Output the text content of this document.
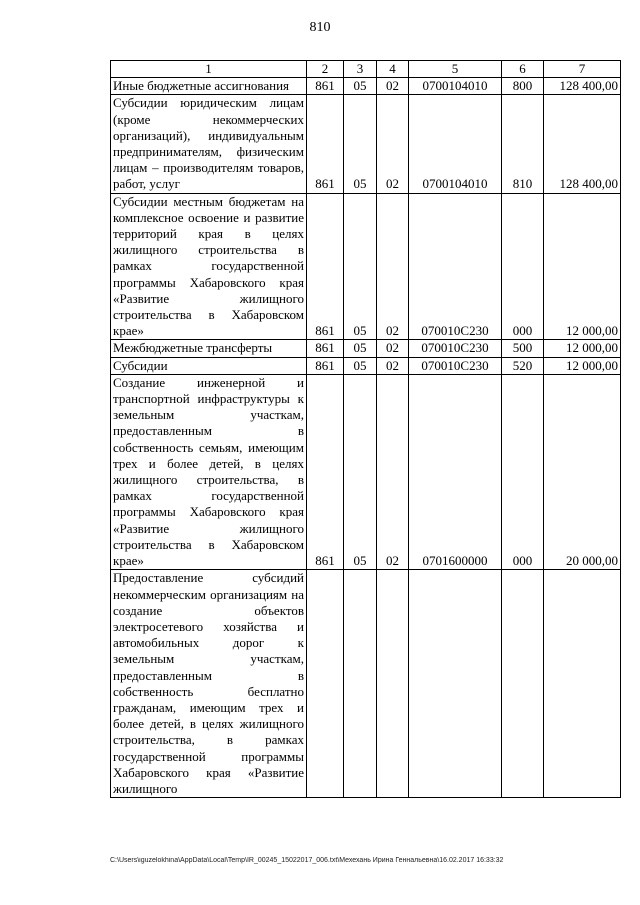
810
1	2	3	4	5	6	7
Иные бюджетные ассигнования	861	05	02	0700104010	800	128 400,00
Субсидии юридическим лицам (кроме некоммерческих организаций), индивидуальным предпринимателям, физическим лицам – производителям товаров, работ, услуг	861	05	02	0700104010	810	128 400,00
Субсидии местным бюджетам на комплексное освоение и развитие территорий края в целях жилищного строительства в рамках государственной программы Хабаровского края «Развитие жилищного строительства в Хабаровском крае»	861	05	02	070010С230	000	12 000,00
Межбюджетные трансферты	861	05	02	070010С230	500	12 000,00
Субсидии	861	05	02	070010С230	520	12 000,00
Создание инженерной и транспортной инфраструктуры к земельным участкам, предоставленным в собственность семьям, имеющим трех и более детей, в целях жилищного строительства, в рамках государственной программы Хабаровского края «Развитие жилищного строительства в Хабаровском крае»	861	05	02	0701600000	000	20 000,00
Предоставление субсидий некоммерческим организациям на создание объектов электросетевого хозяйства и автомобильных дорог к земельным участкам, предоставленным в собственность бесплатно гражданам, имеющим трех и более детей, в целях жилищного строительства, в рамках государственной программы Хабаровского края «Развитие жилищного						
C:\Users\iguzelokhina\AppData\Local\Temp\IR_00245_15022017_006.txt\Мехехань Ирина Геннальевна\16.02.2017 16:33:32
